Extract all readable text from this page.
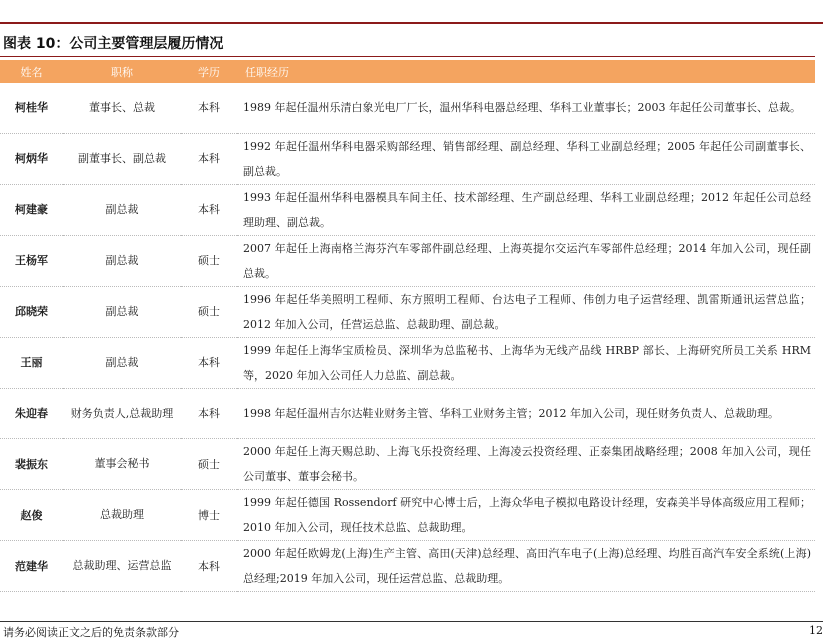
图表 10：公司主要管理层履历情况
姓名	职称	学历	任职经历
柯桂华	董事长、总裁	本科	1989 年起任温州乐清白象光电厂厂长，温州华科电器总经理、华科工业董事长；2003 年起任公司董事长、总裁。
柯炳华	副董事长、副总裁	本科	1992 年起任温州华科电器采购部经理、销售部经理、副总经理、华科工业副总经理；2005 年起任公司副董事长、副总裁。
柯建豪	副总裁	本科	1993 年起任温州华科电器模具车间主任、技术部经理、生产副总经理、华科工业副总经理；2012 年起任公司总经理助理、副总裁。
王杨军	副总裁	硕士	2007 年起任上海南格兰海芬汽车零部件副总经理、上海英提尔交运汽车零部件总经理；2014 年加入公司，现任副总裁。
邱晓荣	副总裁	硕士	1996 年起任华美照明工程师、东方照明工程师、台达电子工程师、伟创力电子运营经理、凯雷斯通讯运营总监；2012 年加入公司，任营运总监、总裁助理、副总裁。
王丽	副总裁	本科	1999 年起任上海华宝质检员、深圳华为总监秘书、上海华为无线产品线 HRBP 部长、上海研究所员工关系 HRM 等，2020 年加入公司任人力总监、副总裁。
朱迎春	财务负责人,总裁助理	本科	1998 年起任温州吉尔达鞋业财务主管、华科工业财务主管；2012 年加入公司，现任财务负责人、总裁助理。
裴振东	董事会秘书	硕士	2000 年起任上海天赐总助、上海飞乐投资经理、上海凌云投资经理、正泰集团战略经理；2008 年加入公司，现任公司董事、董事会秘书。
赵俊	总裁助理	博士	1999 年起任德国 Rossendorf 研究中心博士后，上海众华电子模拟电路设计经理，安森美半导体高级应用工程师；2010 年加入公司，现任技术总监、总裁助理。
范建华	总裁助理、运营总监	本科	2000 年起任欧姆龙(上海)生产主管、高田(天津)总经理、高田汽车电子(上海)总经理、均胜百高汽车安全系统(上海)总经理;2019 年加入公司，现任运营总监、总裁助理。
请务必阅读正文之后的免责条款部分	12
